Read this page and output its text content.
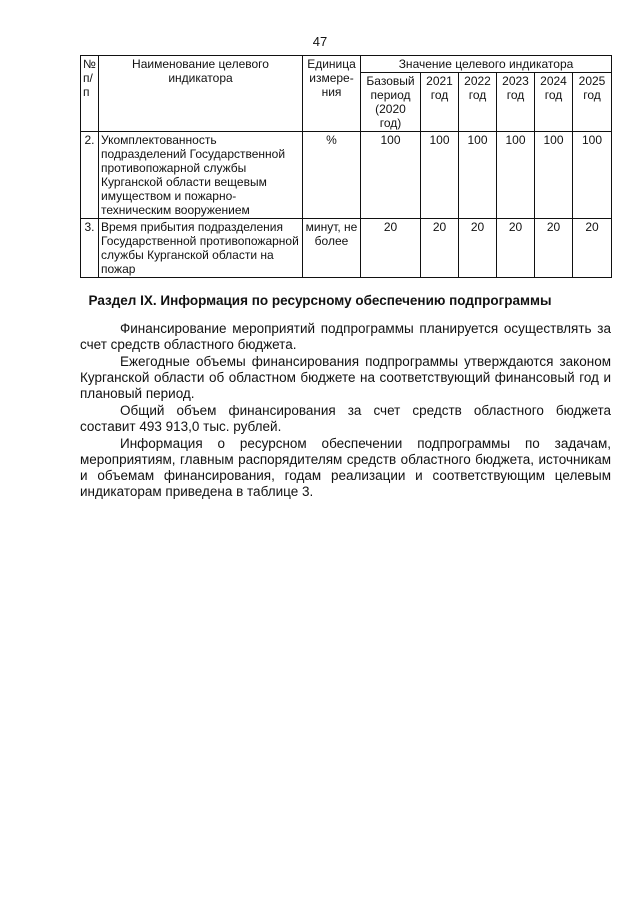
47
№ п/п	Наименование целевого индикатора	Единица измере-ния	Значение целевого индикатора					
			Базовый период (2020 год)	2021 год	2022 год	2023 год	2024 год	2025 год
2.	Укомплектованность подразделений Государственной противопожарной службы Курганской области вещевым имуществом и пожарно-техническим вооружением	%	100	100	100	100	100	100
3.	Время прибытия подразделения Государственной противопожарной службы Курганской области на пожар	минут, не более	20	20	20	20	20	20
Раздел IX. Информация по ресурсному обеспечению подпрограммы

Финансирование мероприятий подпрограммы планируется осуществлять за счет средств областного бюджета.

Ежегодные объемы финансирования подпрограммы утверждаются законом Курганской области об областном бюджете на соответствующий финансовый год и плановый период.

Общий объем финансирования за счет средств областного бюджета составит 493 913,0 тыс. рублей.

Информация о ресурсном обеспечении подпрограммы по задачам, мероприятиям, главным распорядителям средств областного бюджета, источникам и объемам финансирования, годам реализации и соответствующим целевым индикаторам приведена в таблице 3.
